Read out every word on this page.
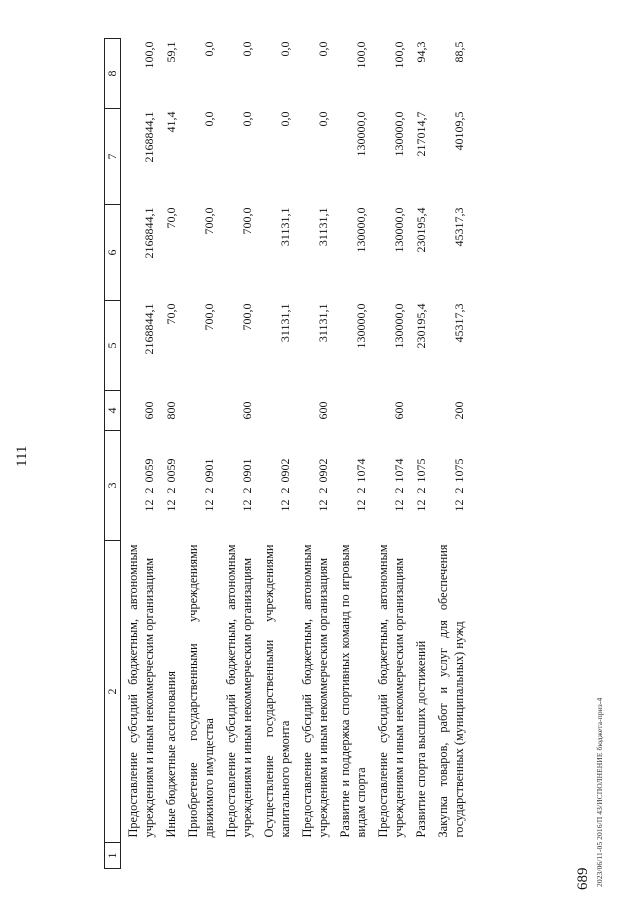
689 2023/06/11-05 2016/П 43/ИСПОЛНЕНИЕ бюджета-приз-4
111
1	2	3	4	5	6	7	8
	Предоставление субсидий бюджетным, автономным учреждениям и иным некоммерческим организациям	1220059	600	2168844,1	2168844,1	2168844,1	100,0
	Иные бюджетные ассигнования	1220059	800	70,0	70,0	41,4	59,1
	Приобретение государственными учреждениями движимого имущества	1220901		700,0	700,0	0,0	0,0
	Предоставление субсидий бюджетным, автономным учреждениям и иным некоммерческим организациям	1220901	600	700,0	700,0	0,0	0,0
	Осуществление государственными учреждениями капитального ремонта	1220902		31131,1	31131,1	0,0	0,0
	Предоставление субсидий бюджетным, автономным учреждениям и иным некоммерческим организациям	1220902	600	31131,1	31131,1	0,0	0,0
	Развитие и поддержка спортивных команд по игровым видам спорта	1221074		130000,0	130000,0	130000,0	100,0
	Предоставление субсидий бюджетным, автономным учреждениям и иным некоммерческим организациям	1221074	600	130000,0	130000,0	130000,0	100,0
	Развитие спорта высших достижений	1221075		230195,4	230195,4	217014,7	94,3
	Закупка товаров, работ и услуг для обеспечения государственных (муниципальных) нужд	1221075	200	45317,3	45317,3	40109,5	88,5
